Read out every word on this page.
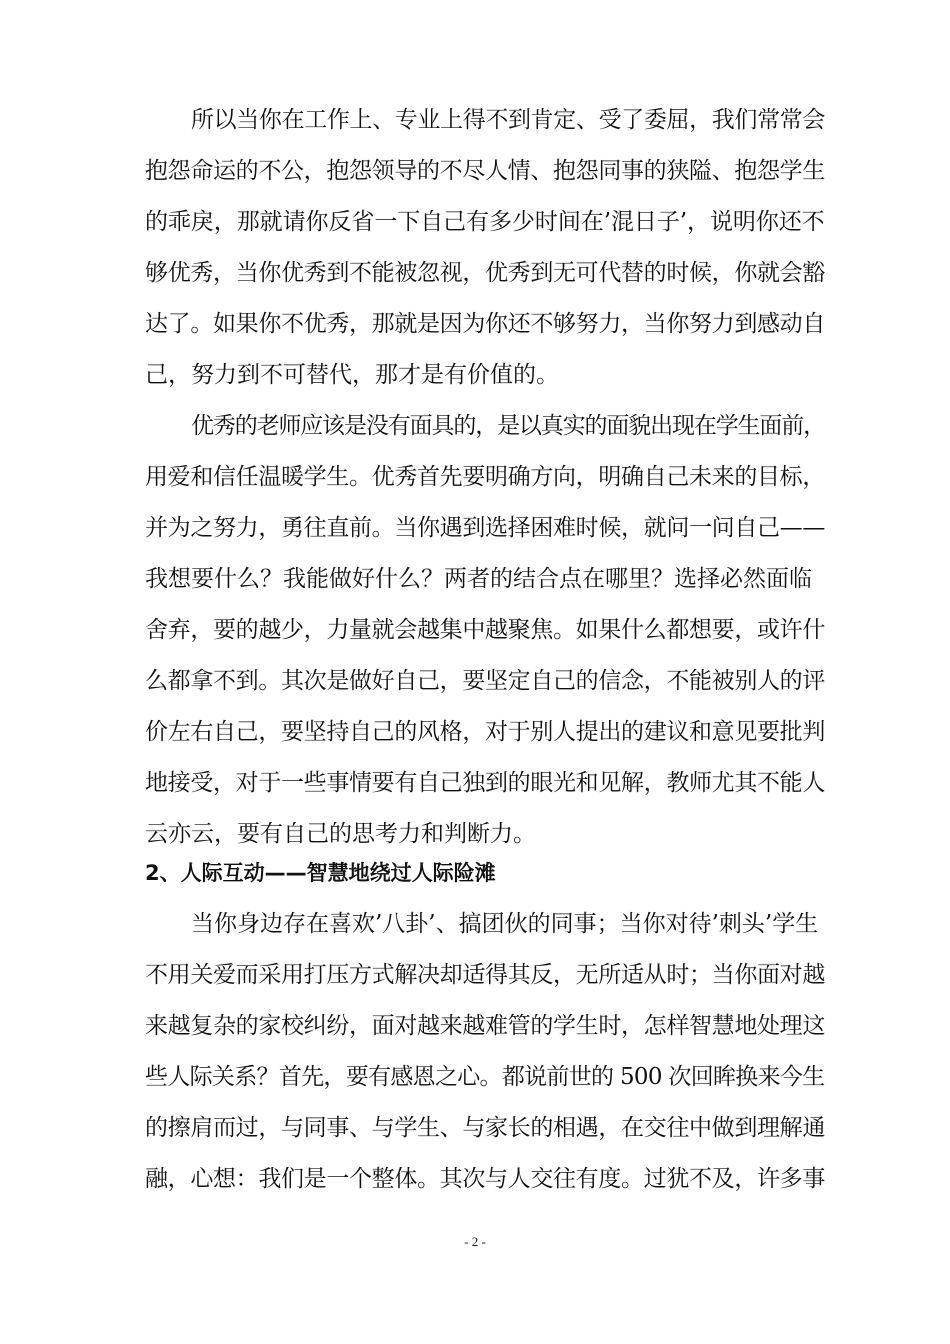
所以当你在工作上、专业上得不到肯定、受了委屈，我们常常会
抱怨命运的不公，抱怨领导的不尽人情、抱怨同事的狭隘、抱怨学生
的乖戾，那就请你反省一下自己有多少时间在’混日子’，说明你还不
够优秀，当你优秀到不能被忽视，优秀到无可代替的时候，你就会豁
达了。如果你不优秀，那就是因为你还不够努力，当你努力到感动自
己，努力到不可替代，那才是有价值的。
优秀的老师应该是没有面具的，是以真实的面貌出现在学生面前，
用爱和信任温暖学生。优秀首先要明确方向，明确自己未来的目标，
并为之努力，勇往直前。当你遇到选择困难时候，就问一问自己——
我想要什么？我能做好什么？两者的结合点在哪里？选择必然面临
舍弃，要的越少，力量就会越集中越聚焦。如果什么都想要，或许什
么都拿不到。其次是做好自己，要坚定自己的信念，不能被别人的评
价左右自己，要坚持自己的风格，对于别人提出的建议和意见要批判
地接受，对于一些事情要有自己独到的眼光和见解，教师尤其不能人
云亦云，要有自己的思考力和判断力。
2、人际互动——智慧地绕过人际险滩
当你身边存在喜欢’八卦’、搞团伙的同事；当你对待’刺头’学生
不用关爱而采用打压方式解决却适得其反，无所适从时；当你面对越
来越复杂的家校纠纷，面对越来越难管的学生时，怎样智慧地处理这
些人际关系？首先，要有感恩之心。都说前世的 500 次回眸换来今生
的擦肩而过，与同事、与学生、与家长的相遇，在交往中做到理解通
融，心想：我们是一个整体。其次与人交往有度。过犹不及，许多事
- 2 -
